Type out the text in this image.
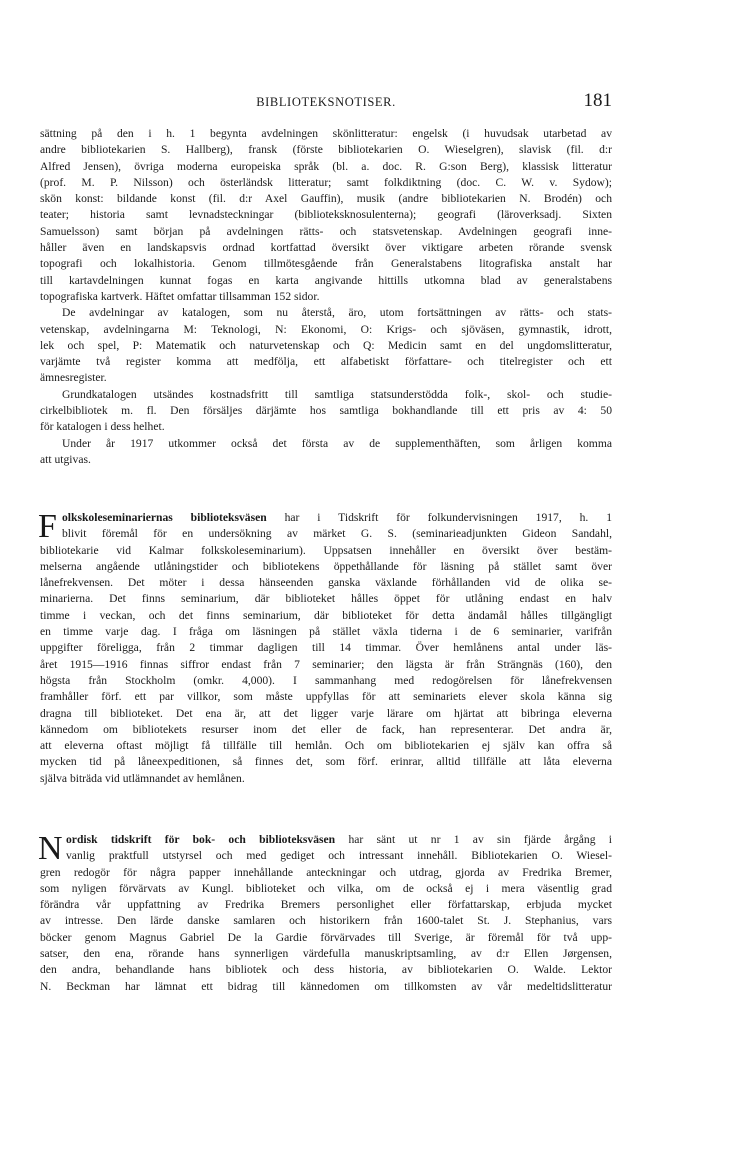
BIBLIOTEKSNOTISER.	181
sättning på den i h. 1 begynta avdelningen skönlitteratur: engelsk (i huvudsak utarbetad av
andre bibliotekarien S. Hallberg), fransk (förste bibliotekarien O. Wieselgren), slavisk (fil. d:r
Alfred Jensen), övriga moderna europeiska språk (bl. a. doc. R. G:son Berg), klassisk litteratur
(prof. M. P. Nilsson) och österländsk litteratur; samt folkdiktning (doc. C. W. v. Sydow);
skön konst: bildande konst (fil. d:r Axel Gauffin), musik (andre bibliotekarien N. Brodén) och
teater; historia samt levnadsteckningar (biblioteksknosulenterna); geografi (läroverksadj. Sixten
Samuelsson) samt början på avdelningen rätts- och statsvetenskap. Avdelningen geografi inne-
håller även en landskapsvis ordnad kortfattad översikt över viktigare arbeten rörande svensk
topografi och lokalhistoria. Genom tillmötesgående från Generalstabens litografiska anstalt har
till kartavdelningen kunnat fogas en karta angivande hittills utkomna blad av generalstabens
topografiska kartverk. Häftet omfattar tillsamman 152 sidor.
De avdelningar av katalogen, som nu återstå, äro, utom fortsättningen av rätts- och stats-
vetenskap, avdelningarna M: Teknologi, N: Ekonomi, O: Krigs- och sjöväsen, gymnastik, idrott,
lek och spel, P: Matematik och naturvetenskap och Q: Medicin samt en del ungdomslitteratur,
varjämte två register komma att medfölja, ett alfabetiskt författare- och titelregister och ett
ämnesregister.
Grundkatalogen utsändes kostnadsfritt till samtliga statsunderstödda folk-, skol- och studie-
cirkelbibliotek m. fl. Den försäljes därjämte hos samtliga bokhandlande till ett pris av 4: 50
för katalogen i dess helhet.
Under år 1917 utkommer också det första av de supplementhäften, som årligen komma
att utgivas.
F olkskoleseminariernas biblioteksväsen har i Tidskrift för folkundervisningen 1917, h. 1
blivit föremål för en undersökning av märket G. S. (seminarieadjunkten Gideon Sandahl,
bibliotekarie vid Kalmar folkskoleseminarium). Uppsatsen innehåller en översikt över bestäm-
melserna angående utlåningstider och bibliotekens öppethållande för läsning på stället samt över
lånefrekvensen. Det möter i dessa hänseenden ganska växlande förhållanden vid de olika se-
minarierna. Det finns seminarium, där biblioteket hålles öppet för utlåning endast en halv
timme i veckan, och det finns seminarium, där biblioteket för detta ändamål hålles tillgängligt
en timme varje dag. I fråga om läsningen på stället växla tiderna i de 6 seminarier, varifrån
uppgifter föreligga, från 2 timmar dagligen till 14 timmar. Över hemlånens antal under läs-
året 1915—1916 finnas siffror endast från 7 seminarier; den lägsta är från Strängnäs (160), den
högsta från Stockholm (omkr. 4,000). I sammanhang med redogörelsen för lånefrekvensen
framhåller förf. ett par villkor, som måste uppfyllas för att seminariets elever skola känna sig
dragna till biblioteket. Det ena är, att det ligger varje lärare om hjärtat att bibringa eleverna
kännedom om bibliotekets resurser inom det eller de fack, han representerar. Det andra är,
att eleverna oftast möjligt få tillfälle till hemlån. Och om bibliotekarien ej själv kan offra så
mycken tid på låneexpeditionen, så finnes det, som förf. erinrar, alltid tillfälle att låta eleverna
själva biträda vid utlämnandet av hemlånen.
N ordisk tidskrift för bok- och biblioteksväsen har sänt ut nr 1 av sin fjärde årgång i
vanlig praktfull utstyrsel och med gediget och intressant innehåll. Bibliotekarien O. Wiesel-
gren redogör för några papper innehållande anteckningar och utdrag, gjorda av Fredrika Bremer,
som nyligen förvärvats av Kungl. biblioteket och vilka, om de också ej i mera väsentlig grad
förändra vår uppfattning av Fredrika Bremers personlighet eller författarskap, erbjuda mycket
av intresse. Den lärde danske samlaren och historikern från 1600-talet St. J. Stephanius, vars
böcker genom Magnus Gabriel De la Gardie förvärvades till Sverige, är föremål för två upp-
satser, den ena, rörande hans synnerligen värdefulla manuskriptsamling, av d:r Ellen Jørgensen,
den andra, behandlande hans bibliotek och dess historia, av bibliotekarien O. Walde. Lektor
N. Beckman har lämnat ett bidrag till kännedomen om tillkomsten av vår medeltidslitteratur
